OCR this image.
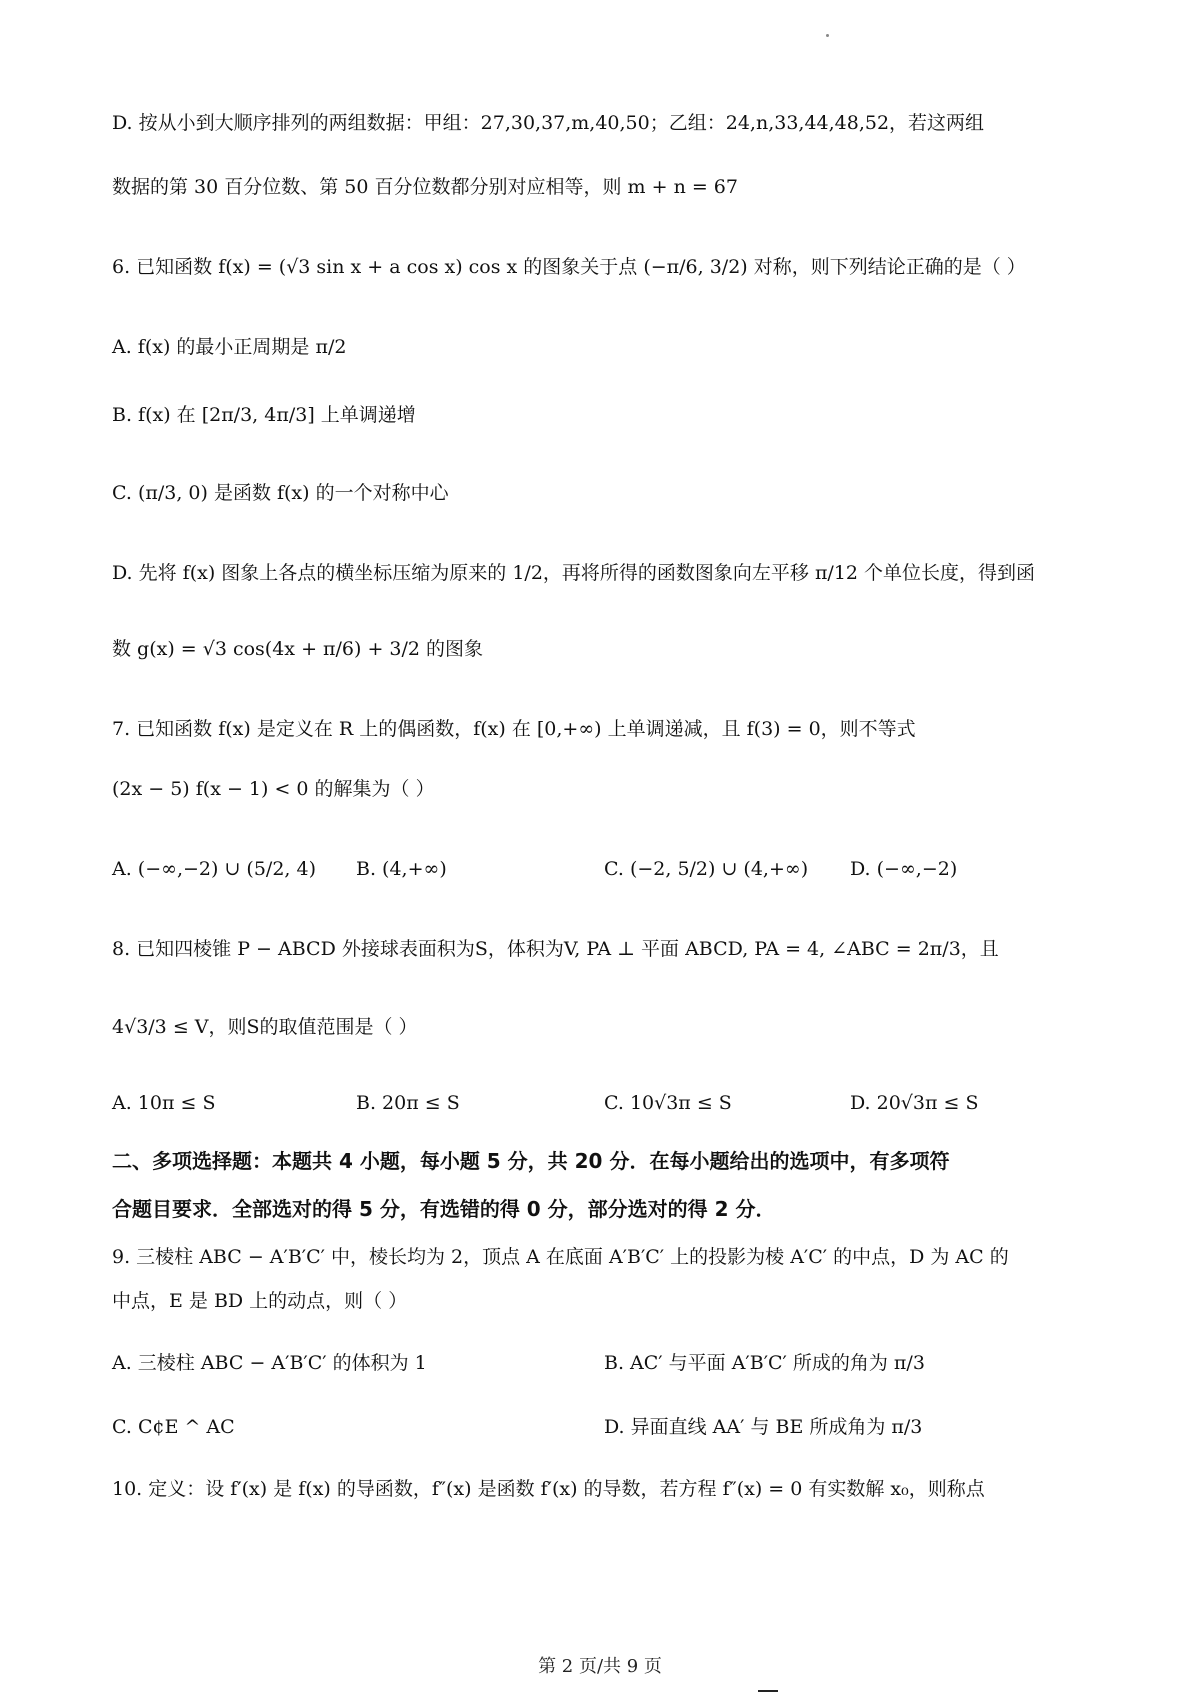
D. 按从小到大顺序排列的两组数据：甲组：27,30,37,m,40,50；乙组：24,n,33,44,48,52，若这两组
数据的第 30 百分位数、第 50 百分位数都分别对应相等，则 m + n = 67
6. 已知函数 f(x) = (√3 sin x + a cos x) cos x 的图象关于点 (−π/6, 3/2) 对称，则下列结论正确的是（ ）
A. f(x) 的最小正周期是 π/2
B. f(x) 在 [2π/3, 4π/3] 上单调递增
C. (π/3, 0) 是函数 f(x) 的一个对称中心
D. 先将 f(x) 图象上各点的横坐标压缩为原来的 1/2，再将所得的函数图象向左平移 π/12 个单位长度，得到函
数 g(x) = √3 cos(4x + π/6) + 3/2 的图象
7. 已知函数 f(x) 是定义在 R 上的偶函数，f(x) 在 [0,+∞) 上单调递减，且 f(3) = 0，则不等式
(2x − 5) f(x − 1) < 0 的解集为（ ）
A. (−∞,−2) ∪ (5/2, 4) B. (4,+∞)	C. (−2, 5/2) ∪ (4,+∞) D. (−∞,−2)
8. 已知四棱锥 P − ABCD 外接球表面积为S，体积为V, PA ⊥ 平面 ABCD, PA = 4, ∠ABC = 2π/3，且
4√3/3 ≤ V，则S的取值范围是（ ）
A. 10π ≤ S	B. 20π ≤ S	C. 10√3π ≤ S	D. 20√3π ≤ S
二、多项选择题：本题共 4 小题，每小题 5 分，共 20 分．在每小题给出的选项中，有多项符
合题目要求．全部选对的得 5 分，有选错的得 0 分，部分选对的得 2 分．
9. 三棱柱 ABC − A′B′C′ 中，棱长均为 2，顶点 A 在底面 A′B′C′ 上的投影为棱 A′C′ 的中点，D 为 AC 的
中点，E 是 BD 上的动点，则（ ）
A. 三棱柱 ABC − A′B′C′ 的体积为 1	B. AC′ 与平面 A′B′C′ 所成的角为 π/3
C. C¢E ^ AC	D. 异面直线 AA′ 与 BE 所成角为 π/3
10. 定义：设 f′(x) 是 f(x) 的导函数，f″(x) 是函数 f′(x) 的导数，若方程 f″(x) = 0 有实数解 x₀，则称点
第 2 页/共 9 页
